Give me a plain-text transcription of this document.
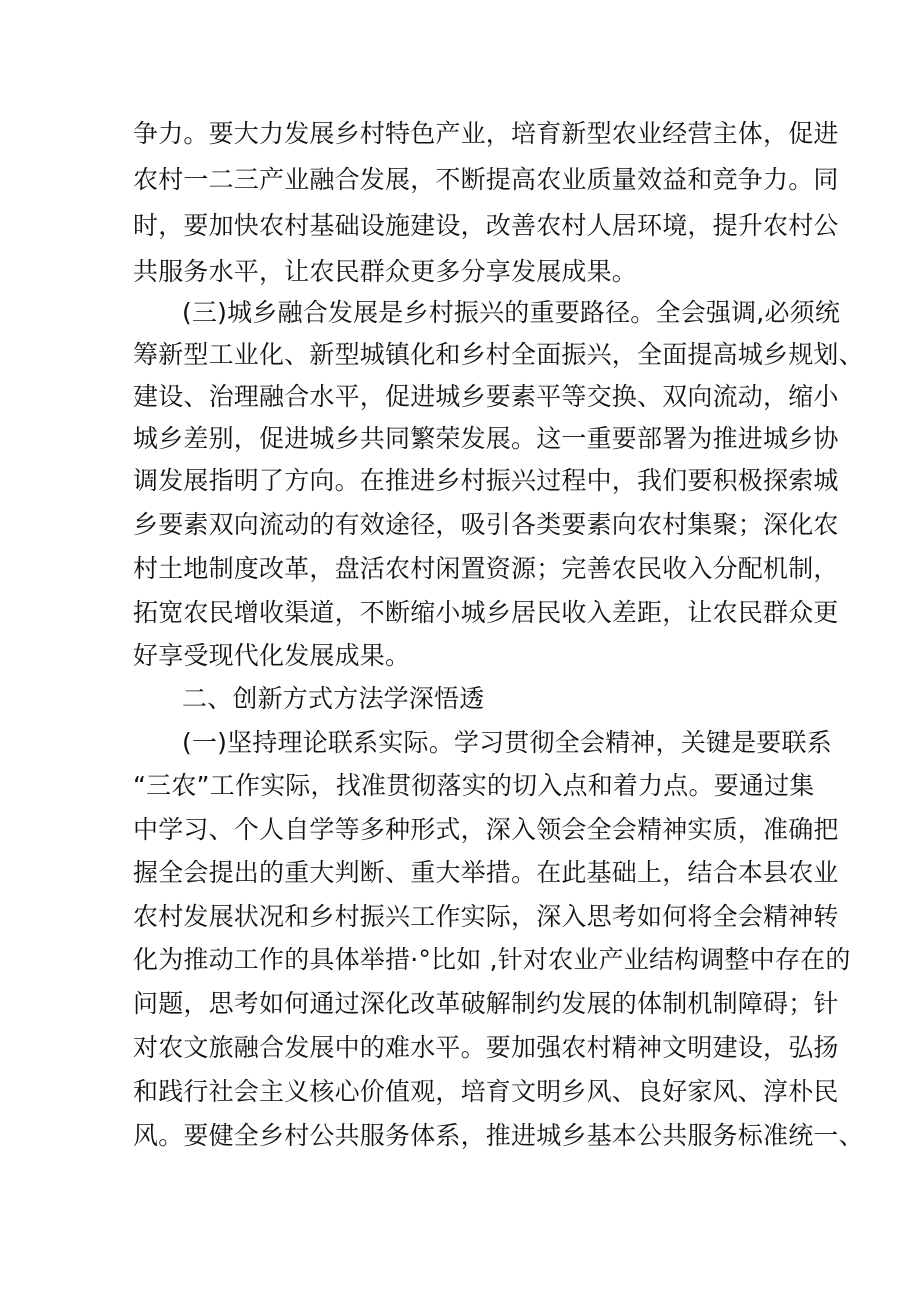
争力。要大力发展乡村特色产业，培育新型农业经营主体，促进
农村一二三产业融合发展，不断提高农业质量效益和竞争力。同
时，要加快农村基础设施建设，改善农村人居环境，提升农村公
共服务水平，让农民群众更多分享发展成果。
(三)城乡融合发展是乡村振兴的重要路径。全会强调,必须统
筹新型工业化、新型城镇化和乡村全面振兴，全面提高城乡规划、
建设、治理融合水平，促进城乡要素平等交换、双向流动，缩小
城乡差别，促进城乡共同繁荣发展。这一重要部署为推进城乡协
调发展指明了方向。在推进乡村振兴过程中，我们要积极探索城
乡要素双向流动的有效途径，吸引各类要素向农村集聚；深化农
村土地制度改革，盘活农村闲置资源；完善农民收入分配机制，
拓宽农民增收渠道，不断缩小城乡居民收入差距，让农民群众更
好享受现代化发展成果。
二、创新方式方法学深悟透
(一)坚持理论联系实际。学习贯彻全会精神，关键是要联系
“三农”工作实际，找准贯彻落实的切入点和着力点。要通过集
中学习、个人自学等多种形式，深入领会全会精神实质，准确把
握全会提出的重大判断、重大举措。在此基础上，结合本县农业
农村发展状况和乡村振兴工作实际，深入思考如何将全会精神转
化为推动工作的具体举措·°比如 ,针对农业产业结构调整中存在的
问题，思考如何通过深化改革破解制约发展的体制机制障碍；针
对农文旅融合发展中的难水平。要加强农村精神文明建设，弘扬
和践行社会主义核心价值观，培育文明乡风、良好家风、淳朴民
风。要健全乡村公共服务体系，推进城乡基本公共服务标准统一、
